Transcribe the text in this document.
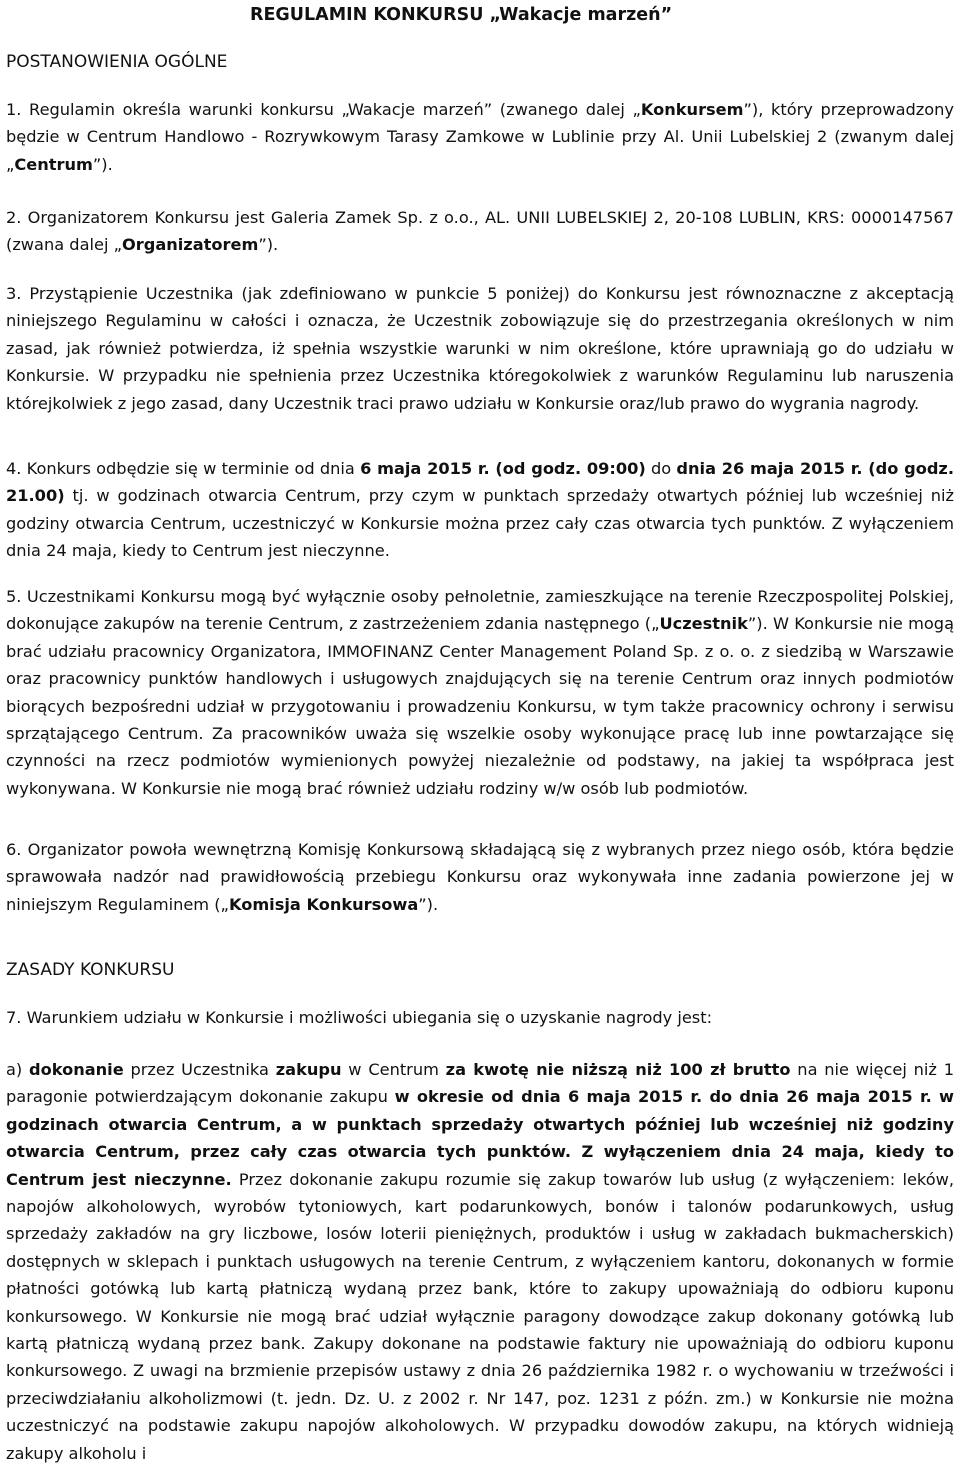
REGULAMIN KONKURSU „Wakacje marzeń”
POSTANOWIENIA OGÓLNE

1. Regulamin określa warunki konkursu „Wakacje marzeń” (zwanego dalej „Konkursem”), który przeprowadzony będzie w Centrum Handlowo - Rozrywkowym Tarasy Zamkowe w Lublinie przy Al. Unii Lubelskiej 2 (zwanym dalej „Centrum”).

2. Organizatorem Konkursu jest Galeria Zamek Sp. z o.o., AL. UNII LUBELSKIEJ 2, 20-108 LUBLIN, KRS: 0000147567 (zwana dalej „Organizatorem”).

3. Przystąpienie Uczestnika (jak zdefiniowano w punkcie 5 poniżej) do Konkursu jest równoznaczne z akceptacją niniejszego Regulaminu w całości i oznacza, że Uczestnik zobowiązuje się do przestrzegania określonych w nim zasad, jak również potwierdza, iż spełnia wszystkie warunki w nim określone, które uprawniają go do udziału w Konkursie. W przypadku nie spełnienia przez Uczestnika któregokolwiek z warunków Regulaminu lub naruszenia którejkolwiek z jego zasad, dany Uczestnik traci prawo udziału w Konkursie oraz/lub prawo do wygrania nagrody.

4. Konkurs odbędzie się w terminie od dnia 6 maja 2015 r. (od godz. 09:00) do dnia 26 maja 2015 r. (do godz. 21.00) tj. w godzinach otwarcia Centrum, przy czym w punktach sprzedaży otwartych później lub wcześniej niż godziny otwarcia Centrum, uczestniczyć w Konkursie można przez cały czas otwarcia tych punktów. Z wyłączeniem dnia 24 maja, kiedy to Centrum jest nieczynne.

5. Uczestnikami Konkursu mogą być wyłącznie osoby pełnoletnie, zamieszkujące na terenie Rzeczpospolitej Polskiej, dokonujące zakupów na terenie Centrum, z zastrzeżeniem zdania następnego („Uczestnik”). W Konkursie nie mogą brać udziału pracownicy Organizatora, IMMOFINANZ Center Management Poland Sp. z o. o. z siedzibą w Warszawie oraz pracownicy punktów handlowych i usługowych znajdujących się na terenie Centrum oraz innych podmiotów biorących bezpośredni udział w przygotowaniu i prowadzeniu Konkursu, w tym także pracownicy ochrony i serwisu sprzątającego Centrum. Za pracowników uważa się wszelkie osoby wykonujące pracę lub inne powtarzające się czynności na rzecz podmiotów wymienionych powyżej niezależnie od podstawy, na jakiej ta współpraca jest wykonywana. W Konkursie nie mogą brać również udziału rodziny w/w osób lub podmiotów.

6. Organizator powoła wewnętrzną Komisję Konkursową składającą się z wybranych przez niego osób, która będzie sprawowała nadzór nad prawidłowością przebiegu Konkursu oraz wykonywała inne zadania powierzone jej w niniejszym Regulaminem („Komisja Konkursowa”).

ZASADY KONKURSU

7. Warunkiem udziału w Konkursie i możliwości ubiegania się o uzyskanie nagrody jest:

a) dokonanie przez Uczestnika zakupu w Centrum za kwotę nie niższą niż 100 zł brutto na nie więcej niż 1 paragonie potwierdzającym dokonanie zakupu w okresie od dnia 6 maja 2015 r. do dnia 26 maja 2015 r. w godzinach otwarcia Centrum, a w punktach sprzedaży otwartych później lub wcześniej niż godziny otwarcia Centrum, przez cały czas otwarcia tych punktów. Z wyłączeniem dnia 24 maja, kiedy to Centrum jest nieczynne. Przez dokonanie zakupu rozumie się zakup towarów lub usług (z wyłączeniem: leków, napojów alkoholowych, wyrobów tytoniowych, kart podarunkowych, bonów i talonów podarunkowych, usług sprzedaży zakładów na gry liczbowe, losów loterii pieniężnych, produktów i usług w zakładach bukmacherskich) dostępnych w sklepach i punktach usługowych na terenie Centrum, z wyłączeniem kantoru, dokonanych w formie płatności gotówką lub kartą płatniczą wydaną przez bank, które to zakupy upoważniają do odbioru kuponu konkursowego. W Konkursie nie mogą brać udział wyłącznie paragony dowodzące zakup dokonany gotówką lub kartą płatniczą wydaną przez bank. Zakupy dokonane na podstawie faktury nie upoważniają do odbioru kuponu konkursowego. Z uwagi na brzmienie przepisów ustawy z dnia 26 października 1982 r. o wychowaniu w trzeźwości i przeciwdziałaniu alkoholizmowi (t. jedn. Dz. U. z 2002 r. Nr 147, poz. 1231 z późn. zm.) w Konkursie nie można uczestniczyć na podstawie zakupu napojów alkoholowych. W przypadku dowodów zakupu, na których widnieją zakupy alkoholu i
